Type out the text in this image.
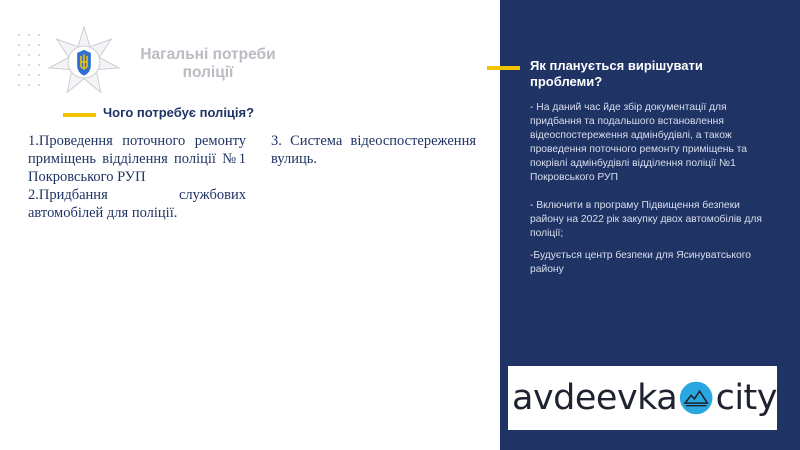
Нагальні потреби поліції
Чого потребує поліція?

1.Проведення поточного ремонту приміщень відділення поліції №1 Покровського РУП

2.Придбання службових автомобілей для поліції.

3. Система відеоспостереження вулиць.

Як планується вирішувати проблеми?
- На даний час йде збір документації для придбання та подальшого встановлення відеоспостереження адмінбудівлі, а також проведення поточного ремонту приміщень та покрівлі адмінбудівлі відділення поліції №1 Покровського РУП
- Включити в програму Підвищення безпеки району на 2022 рік закупку двох автомобілів для поліції;
-Будується центр безпеки для Ясинуватського району
avdeevka city
